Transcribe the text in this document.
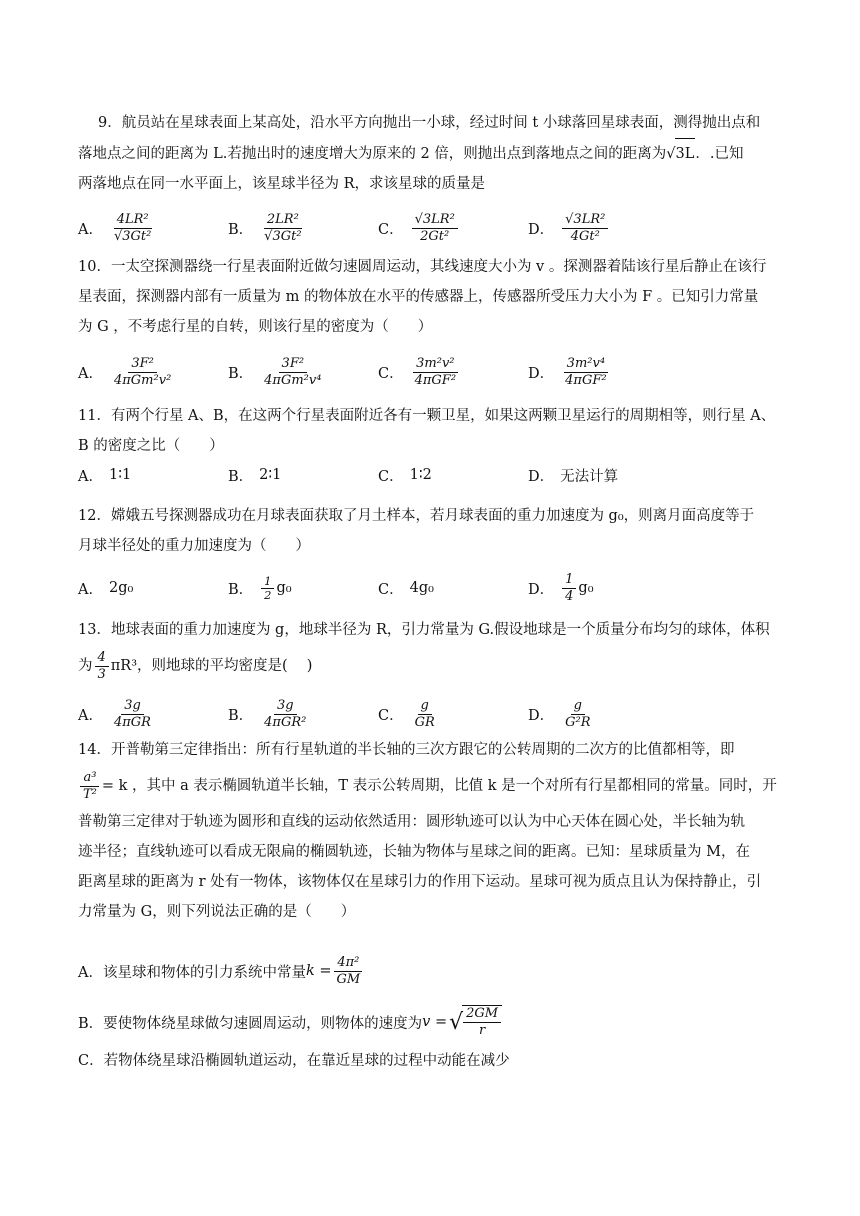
9．航员站在星球表面上某高处，沿水平方向抛出一小球，经过时间 t 小球落回星球表面，测得抛出点和

落地点之间的距离为 L.若抛出时的速度增大为原来的 2 倍，则抛出点到落地点之间的距离为√3L．.已知

两落地点在同一水平面上，该星球半径为 R，求该星球的质量是

A． $\frac{\text{4LR²}}{\text{√3Gt²}}$	B． $\frac{\text{2LR²}}{\text{√3Gt²}}$	C． $\frac{\text{√3LR²}}{\text{2Gt²}}$	D． $\frac{\text{√3LR²}}{\text{4Gt²}}$

10．一太空探测器绕一行星表面附近做匀速圆周运动，其线速度大小为 v 。探测器着陆该行星后静止在该行

星表面，探测器内部有一质量为 m 的物体放在水平的传感器上，传感器所受压力大小为 F 。已知引力常量

为 G ，不考虑行星的自转，则该行星的密度为（　　）

A． $\frac{\text{3F²}}{\text{4πGm²v²}}$	B． $\frac{\text{3F²}}{\text{4πGm²v⁴}}$	C． $\frac{\text{3m²v²}}{\text{4πGF²}}$	D． $\frac{\text{3m²v⁴}}{\text{4πGF²}}$

11．有两个行星 A、B，在这两个行星表面附近各有一颗卫星，如果这两颗卫星运行的周期相等，则行星 A、

B 的密度之比（　　）

A． 1∶1	B． 2∶1	C． 1∶2	D． 无法计算

12．嫦娥五号探测器成功在月球表面获取了月土样本，若月球表面的重力加速度为 g₀，则离月面高度等于

月球半径处的重力加速度为（　　）

A． 2g₀	B． $\frac{1}{2} g_0$	C． 4g₀	D． $\frac{1}{4} g_0$

13．地球表面的重力加速度为 g，地球半径为 R，引力常量为 G.假设地球是一个质量分布均匀的球体，体积

为 $\frac{4}{3} \pi R^3$，则地球的平均密度是(　 )

A． $\frac{3g}{\text{4πGR}}$	B． $\frac{3g}{\text{4πGR²}}$	C． $\frac{g}{GR}$	D． $\frac{g}{\text{G²R}}$

14．开普勒第三定律指出：所有行星轨道的半长轴的三次方跟它的公转周期的二次方的比值都相等，即

$\frac{\text{a³}}{\text{T²}} = k$ ，其中 a 表示椭圆轨道半长轴，T 表示公转周期，比值 k 是一个对所有行星都相同的常量。同时，开

普勒第三定律对于轨迹为圆形和直线的运动依然适用：圆形轨迹可以认为中心天体在圆心处，半长轴为轨

迹半径；直线轨迹可以看成无限扁的椭圆轨迹，长轴为物体与星球之间的距离。已知：星球质量为 M，在

距离星球的距离为 r 处有一物体，该物体仅在星球引力的作用下运动。星球可视为质点且认为保持静止，引

力常量为 G，则下列说法正确的是（　　）

A．该星球和物体的引力系统中常量 $k = \frac{\text{4π²}}{GM}$
B．要使物体绕星球做匀速圆周运动，则物体的速度为 v = √ $\frac{2GM}{r}$
C．若物体绕星球沿椭圆轨道运动，在靠近星球的过程中动能在减少
